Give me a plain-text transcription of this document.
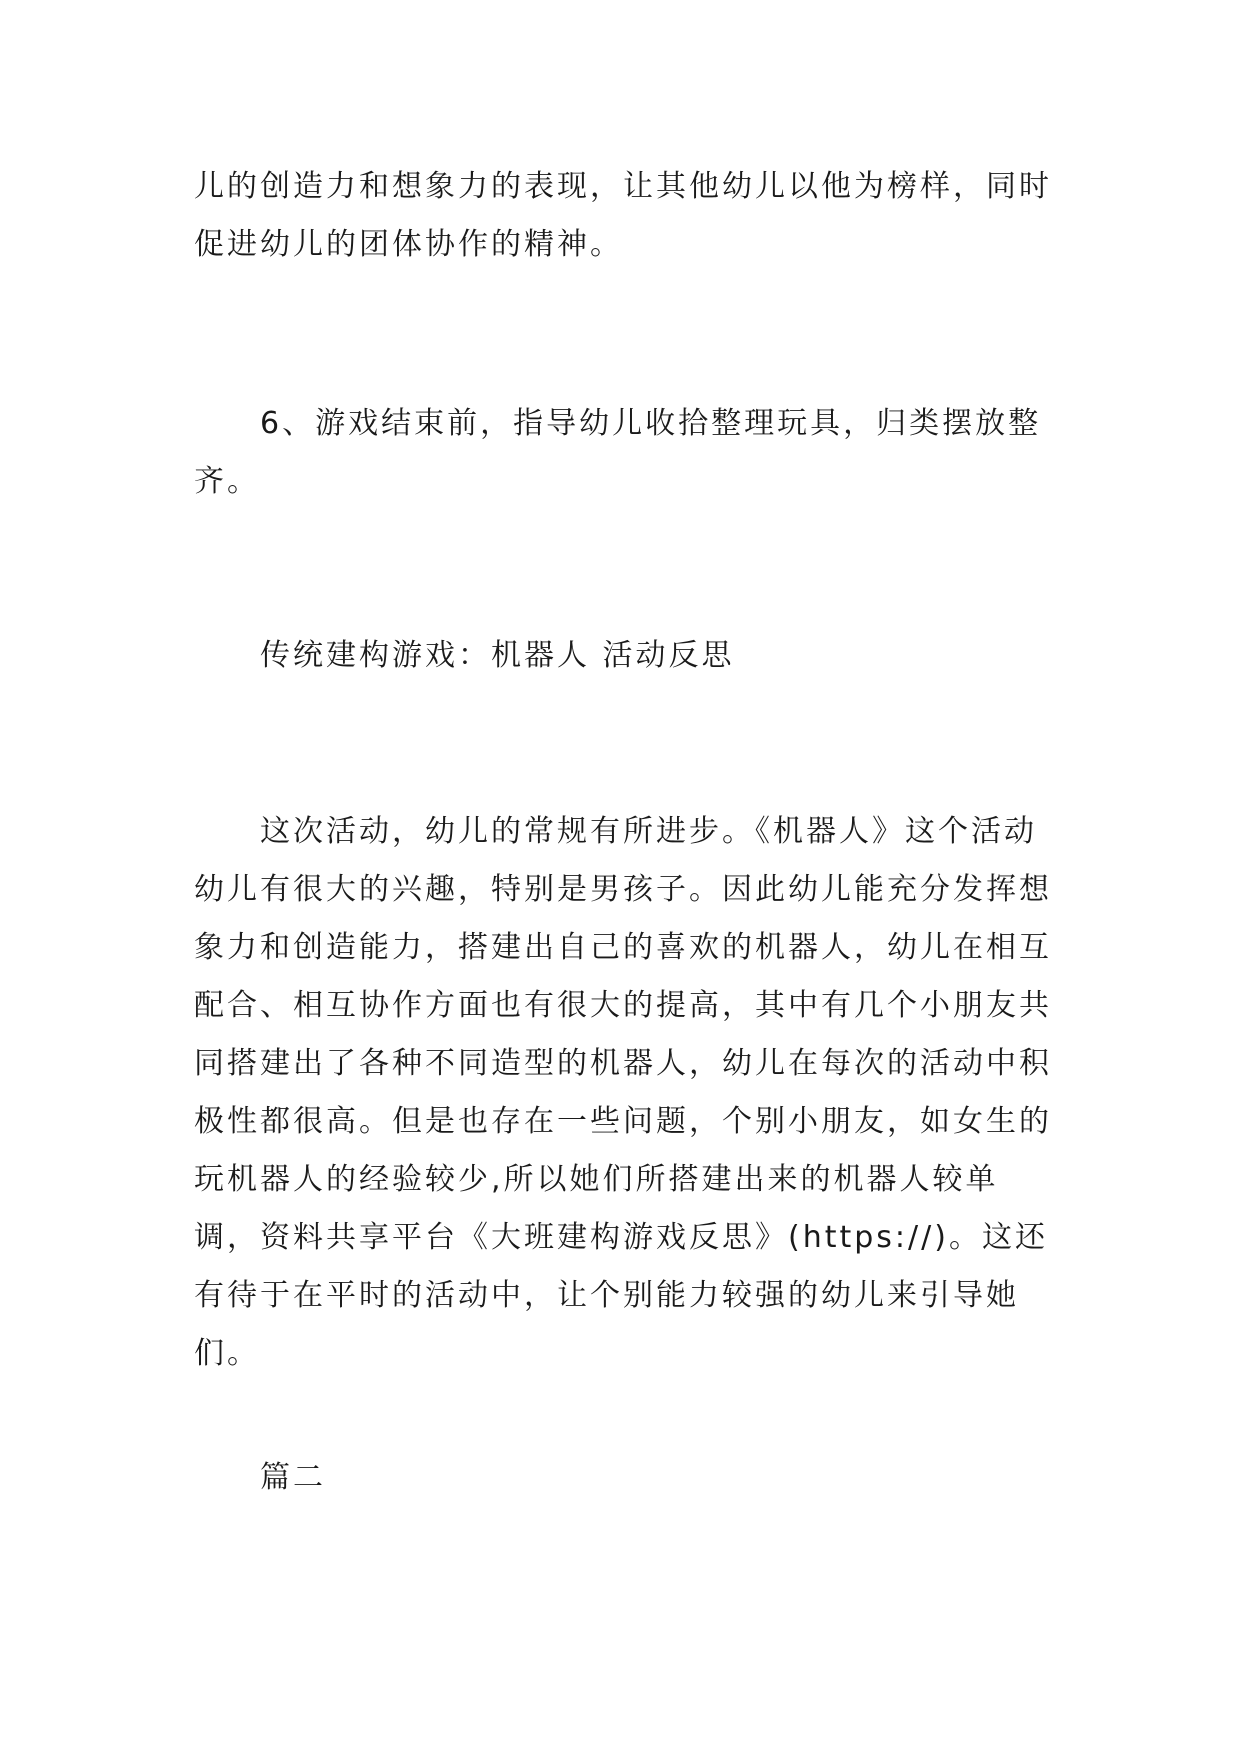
儿的创造力和想象力的表现，让其他幼儿以他为榜样，同时促进幼儿的团体协作的精神。

6、游戏结束前，指导幼儿收拾整理玩具，归类摆放整齐。

传统建构游戏：机器人 活动反思

这次活动，幼儿的常规有所进步。《机器人》这个活动幼儿有很大的兴趣，特别是男孩子。因此幼儿能充分发挥想象力和创造能力，搭建出自己的喜欢的机器人，幼儿在相互配合、相互协作方面也有很大的提高，其中有几个小朋友共同搭建出了各种不同造型的机器人，幼儿在每次的活动中积极性都很高。但是也存在一些问题，个别小朋友，如女生的玩机器人的经验较少,所以她们所搭建出来的机器人较单调，资料共享平台《大班建构游戏反思》(https://)。这还有待于在平时的活动中，让个别能力较强的幼儿来引导她们。

篇二
